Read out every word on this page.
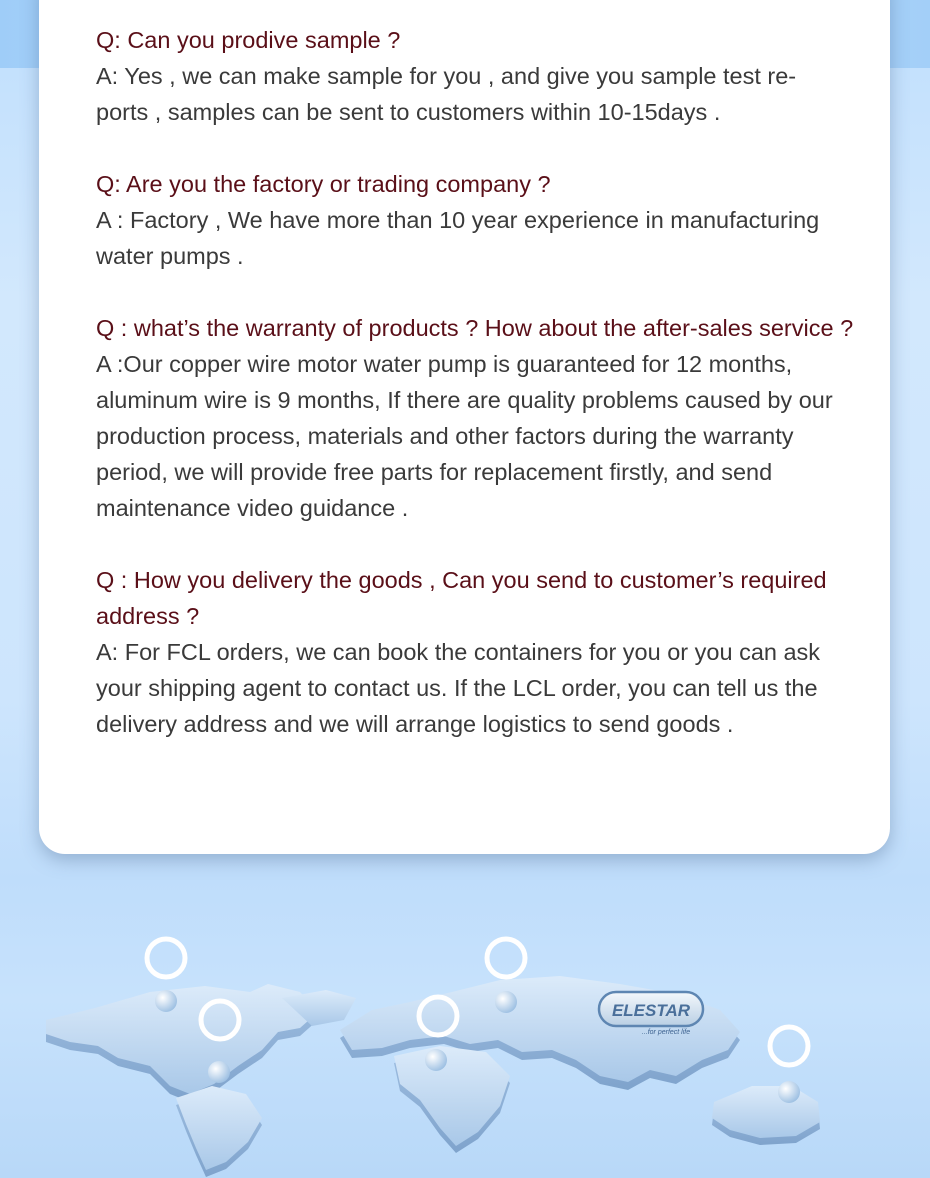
Q: Can you prodive sample ?

A: Yes , we can make sample for you , and give you sample test re-

ports , samples can be sent to customers within 10-15days .

Q: Are you the factory or trading company ?

A : Factory , We have more than 10 year experience in manufacturing

water pumps .

Q : what’s the warranty of products ? How about the after-sales service ?

A :Our copper wire motor water pump is guaranteed for 12 months,

aluminum wire is 9 months, If there are quality problems caused by our

production process, materials and other factors during the warranty

period, we will provide free parts for replacement firstly, and send

maintenance video guidance .

Q : How you delivery the goods , Can you send to customer’s required address ?

A: For FCL orders, we can book the containers for you or you can ask

your shipping agent to contact us. If the LCL order, you can tell us the

delivery address and we will arrange logistics to send goods .

ELESTAR
...for perfect life
